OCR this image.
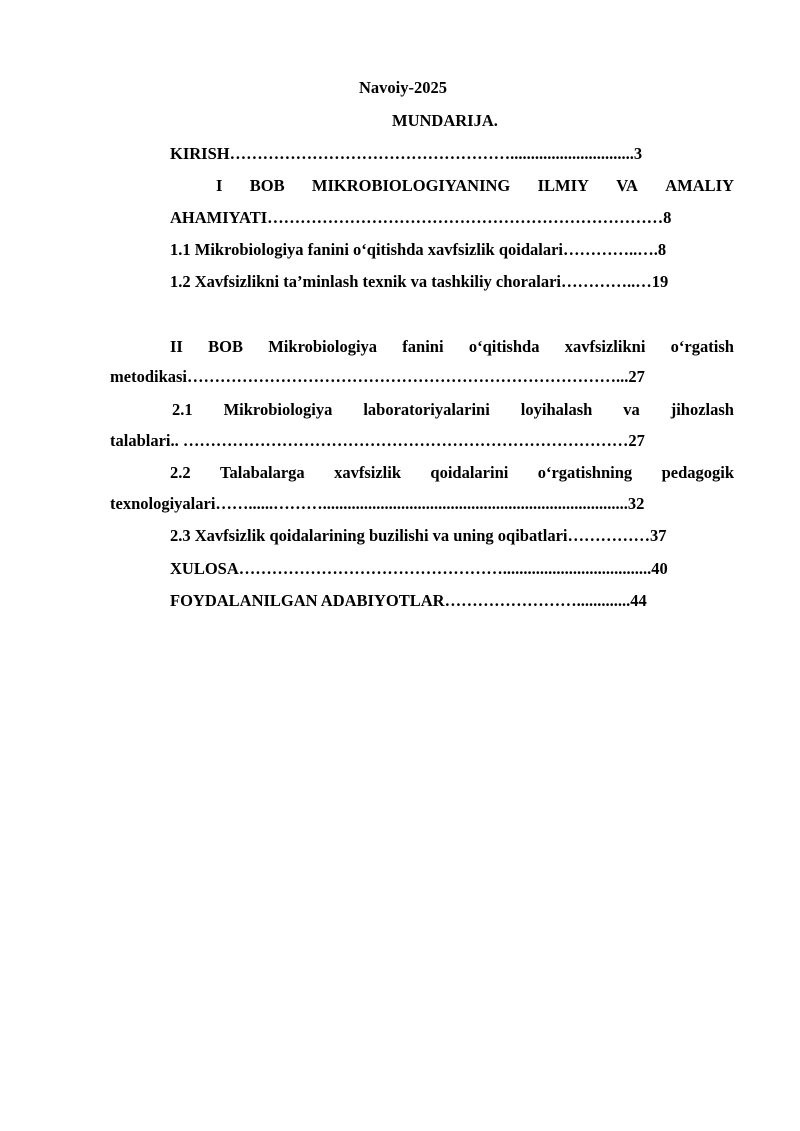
Navoiy-2025
MUNDARIJA.
KIRISH……………………………………………..............................3
I BOB MIKROBIOLOGIYANING ILMIY VA AMALIY
AHAMIYATI………………………………………………………………8
1.1 Mikrobiologiya fanini o‘qitishda xavfsizlik qoidalari…………..….8
1.2 Xavfsizlikni ta’minlash texnik va tashkiliy choralari…………..…19
II BOB Mikrobiologiya fanini o‘qitishda xavfsizlikni o‘rgatish
metodikasi……………………………………………………………………...27
2.1 Mikrobiologiya laboratoriyalarini loyihalash va jihozlash
talablari.. ………………………………………………………………………27
2.2 Talabalarga xavfsizlik qoidalarini o‘rgatishning pedagogik
texnologiyalari……......………..........................................................................32
2.3 Xavfsizlik qoidalarining buzilishi va uning oqibatlari……………37
XULOSA…………………………………………....................................40
FOYDALANILGAN ADABIYOTLAR…………………….............44
